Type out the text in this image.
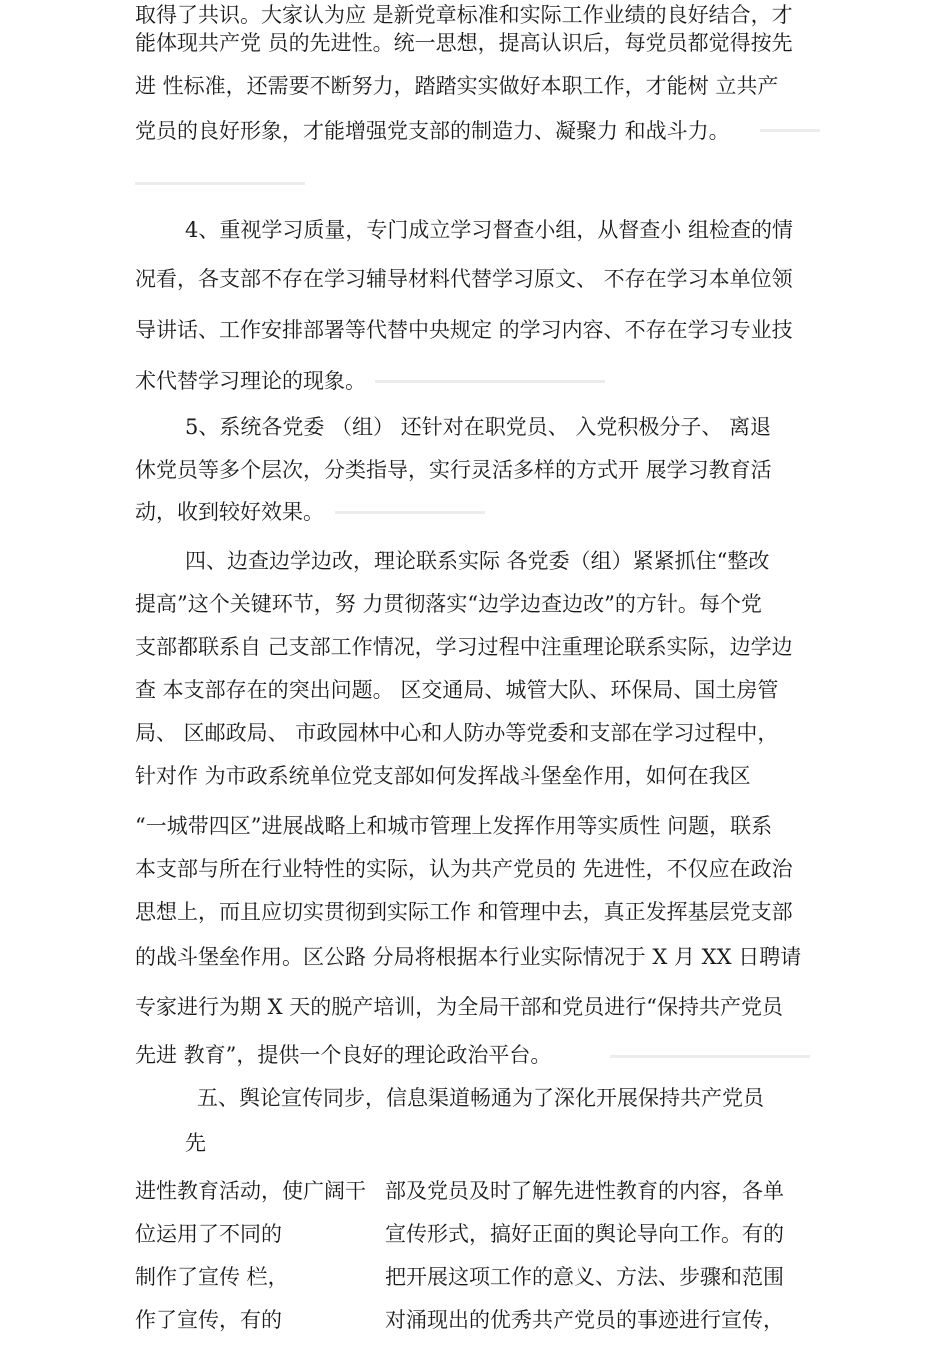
取得了共识。大家认为应 是新党章标准和实际工作业绩的良好结合，才

能体现共产党 员的先进性。统一思想，提高认识后，每党员都觉得按先

进 性标准，还需要不断努力，踏踏实实做好本职工作，才能树 立共产

党员的良好形象，才能增强党支部的制造力、凝聚力 和战斗力。

4、重视学习质量，专门成立学习督查小组，从督查小 组检查的情

况看，各支部不存在学习辅导材料代替学习原文、 不存在学习本单位领

导讲话、工作安排部署等代替中央规定 的学习内容、不存在学习专业技

术代替学习理论的现象。

5、系统各党委 （组） 还针对在职党员、 入党积极分子、 离退

休党员等多个层次，分类指导，实行灵活多样的方式开 展学习教育活

动，收到较好效果。

四、边查边学边改，理论联系实际 各党委（组）紧紧抓住“整改

提高”这个关键环节，努 力贯彻落实“边学边查边改”的方针。每个党

支部都联系自 己支部工作情况，学习过程中注重理论联系实际，边学边

查 本支部存在的突出问题。 区交通局、城管大队、环保局、国土房管

局、 区邮政局、 市政园林中心和人防办等党委和支部在学习过程中，

针对作 为市政系统单位党支部如何发挥战斗堡垒作用，如何在我区

“一城带四区”进展战略上和城市管理上发挥作用等实质性 问题，联系

本支部与所在行业特性的实际，认为共产党员的 先进性，不仅应在政治

思想上，而且应切实贯彻到实际工作 和管理中去，真正发挥基层党支部

的战斗堡垒作用。区公路 分局将根据本行业实际情况于 X 月 XX 日聘请

专家进行为期 X 天的脱产培训，为全局干部和党员进行“保持共产党员

先进 教育”，提供一个良好的理论政治平台。

五、舆论宣传同步，信息渠道畅通为了深化开展保持共产党员

先

进性教育活动，使广阔干 部及党员及时了解先进性教育的内容，各单

位运用了不同的	宣传形式，搞好正面的舆论导向工作。有的

制作了宣传 栏，	把开展这项工作的意义、方法、步骤和范围

作了宣传，有的	对涌现出的优秀共产党员的事迹进行宣传，
